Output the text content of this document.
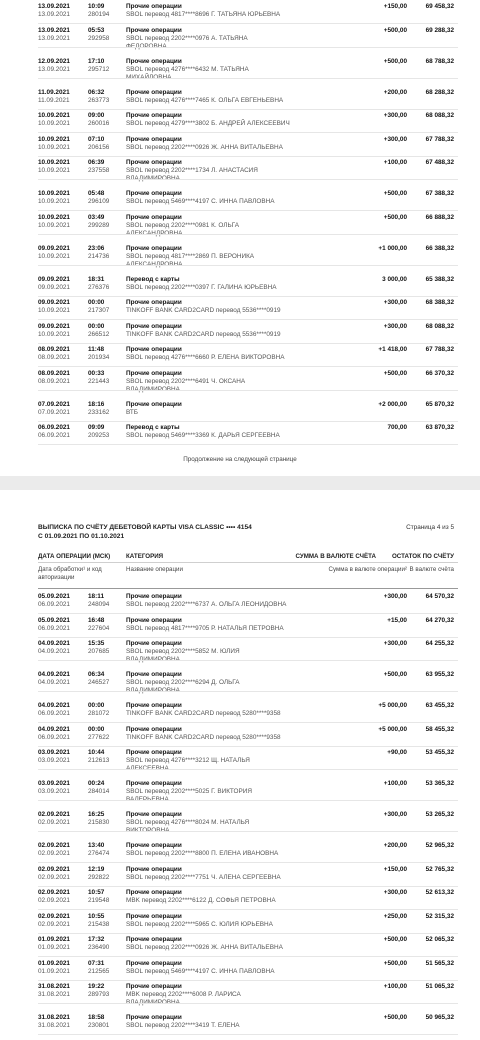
13.09.2021	10:09
13.09.2021	280194
Прочие операции
SBOL перевод 4817****8696 Г. ТАТЬЯНА ЮРЬЕВНА
+150,00	69 458,32
13.09.2021	05:53
13.09.2021	292958
Прочие операции
SBOL перевод 2202****0976 А. ТАТЬЯНА
ФЕДОРОВНА
+500,00	69 288,32
12.09.2021	17:10
13.09.2021	295712
Прочие операции
SBOL перевод 4276****6432 М. ТАТЬЯНА
МИХАЙЛОВНА
+500,00	68 788,32
11.09.2021	06:32
11.09.2021	263773
Прочие операции
SBOL перевод 4276****7465 К. ОЛЬГА ЕВГЕНЬЕВНА
+200,00	68 288,32
10.09.2021	09:00
10.09.2021	260016
Прочие операции
SBOL перевод 4279****3802 Б. АНДРЕЙ АЛЕКСЕЕВИЧ
+300,00	68 088,32
10.09.2021	07:10
10.09.2021	206156
Прочие операции
SBOL перевод 2202****0926 Ж. АННА ВИТАЛЬЕВНА
+300,00	67 788,32
10.09.2021	06:39
10.09.2021	237558
Прочие операции
SBOL перевод 2202****1734 Л. АНАСТАСИЯ
ВЛАДИМИРОВНА
+100,00	67 488,32
10.09.2021	05:48
10.09.2021	296109
Прочие операции
SBOL перевод 5469****4197 С. ИННА ПАВЛОВНА
+500,00	67 388,32
10.09.2021	03:49
10.09.2021	299289
Прочие операции
SBOL перевод 2202****0981 К. ОЛЬГА
АЛЕКСАНДРОВНА
+500,00	66 888,32
09.09.2021	23:06
10.09.2021	214736
Прочие операции
SBOL перевод 4817****2869 П. ВЕРОНИКА
АЛЕКСАНДРОВНА
+1 000,00	66 388,32
09.09.2021	18:31
09.09.2021	276376
Перевод с карты
SBOL перевод 2202****0397 Г. ГАЛИНА ЮРЬЕВНА
3 000,00	65 388,32
09.09.2021	00:00
10.09.2021	217307
Прочие операции
TINKOFF BANK CARD2CARD перевод 5536****0919
+300,00	68 388,32
09.09.2021	00:00
10.09.2021	266512
Прочие операции
TINKOFF BANK CARD2CARD перевод 5536****0919
+300,00	68 088,32
08.09.2021	11:48
08.09.2021	201934
Прочие операции
SBOL перевод 4276****6660 Р. ЕЛЕНА ВИКТОРОВНА
+1 418,00	67 788,32
08.09.2021	00:33
08.09.2021	221443
Прочие операции
SBOL перевод 2202****6491 Ч. ОКСАНА
ВЛАДИМИРОВНА
+500,00	66 370,32
07.09.2021	18:16
07.09.2021	233162
Прочие операции
ВТБ
+2 000,00	65 870,32
06.09.2021	09:09
06.09.2021	209253
Перевод с карты
SBOL перевод 5469****3369 К. ДАРЬЯ СЕРГЕЕВНА
700,00	63 870,32
Продолжение на следующей странице
ВЫПИСКА ПО СЧЁТУ ДЕБЕТОВОЙ КАРТЫ VISA CLASSIC •••• 4154
С 01.09.2021 ПО 01.10.2021
Страница 4 из 5
ДАТА ОПЕРАЦИИ (МСК)	КАТЕГОРИЯ	СУММА В ВАЛЮТЕ СЧЁТА	ОСТАТОК ПО СЧЁТУ
Дата обработки¹ и код
авторизации
Название операции	Сумма в валюте операции² В валюте счёта
05.09.2021	18:11
06.09.2021	248094
Прочие операции
SBOL перевод 2202****6737 А. ОЛЬГА ЛЕОНИДОВНА
+300,00	64 570,32
05.09.2021	16:48
06.09.2021	227604
Прочие операции
SBOL перевод 4817****9705 Р. НАТАЛЬЯ ПЕТРОВНА
+15,00	64 270,32
04.09.2021	15:35
04.09.2021	207685
Прочие операции
SBOL перевод 2202****5852 М. ЮЛИЯ
ВЛАДИМИРОВНА
+300,00	64 255,32
04.09.2021	06:34
04.09.2021	246527
Прочие операции
SBOL перевод 2202****6294 Д. ОЛЬГА
ВЛАДИМИРОВНА
+500,00	63 955,32
04.09.2021	00:00
06.09.2021	281072
Прочие операции
TINKOFF BANK CARD2CARD перевод 5280****9358
+5 000,00	63 455,32
04.09.2021	00:00
06.09.2021	277622
Прочие операции
TINKOFF BANK CARD2CARD перевод 5280****9358
+5 000,00	58 455,32
03.09.2021	10:44
03.09.2021	212613
Прочие операции
SBOL перевод 4276****3212 Щ. НАТАЛЬЯ
АЛЕКСЕЕВНА
+90,00	53 455,32
03.09.2021	00:24
03.09.2021	284014
Прочие операции
SBOL перевод 2202****5025 Г. ВИКТОРИЯ
ВАЛЕРЬЕВНА
+100,00	53 365,32
02.09.2021	16:25
02.09.2021	215830
Прочие операции
SBOL перевод 4276****8024 М. НАТАЛЬЯ
ВИКТОРОВНА
+300,00	53 265,32
02.09.2021	13:40
02.09.2021	276474
Прочие операции
SBOL перевод 2202****8800 П. ЕЛЕНА ИВАНОВНА
+200,00	52 965,32
02.09.2021	12:19
02.09.2021	292822
Прочие операции
SBOL перевод 2202****7751 Ч. АЛЕНА СЕРГЕЕВНА
+150,00	52 765,32
02.09.2021	10:57
02.09.2021	219548
Прочие операции
MBK перевод 2202****6122 Д. СОФЬЯ ПЕТРОВНА
+300,00	52 613,32
02.09.2021	10:55
02.09.2021	215438
Прочие операции
SBOL перевод 2202****5965 С. ЮЛИЯ ЮРЬЕВНА
+250,00	52 315,32
01.09.2021	17:32
01.09.2021	236490
Прочие операции
SBOL перевод 2202****0926 Ж. АННА ВИТАЛЬЕВНА
+500,00	52 065,32
01.09.2021	07:31
01.09.2021	212565
Прочие операции
SBOL перевод 5469****4197 С. ИННА ПАВЛОВНА
+500,00	51 565,32
31.08.2021	19:22
31.08.2021	289793
Прочие операции
MBK перевод 2202****6008 Р. ЛАРИСА
ВЛАДИМИРОВНА
+100,00	51 065,32
31.08.2021	18:58
31.08.2021	230801
Прочие операции
SBOL перевод 2202****3419 Т. ЕЛЕНА
+500,00	50 965,32
